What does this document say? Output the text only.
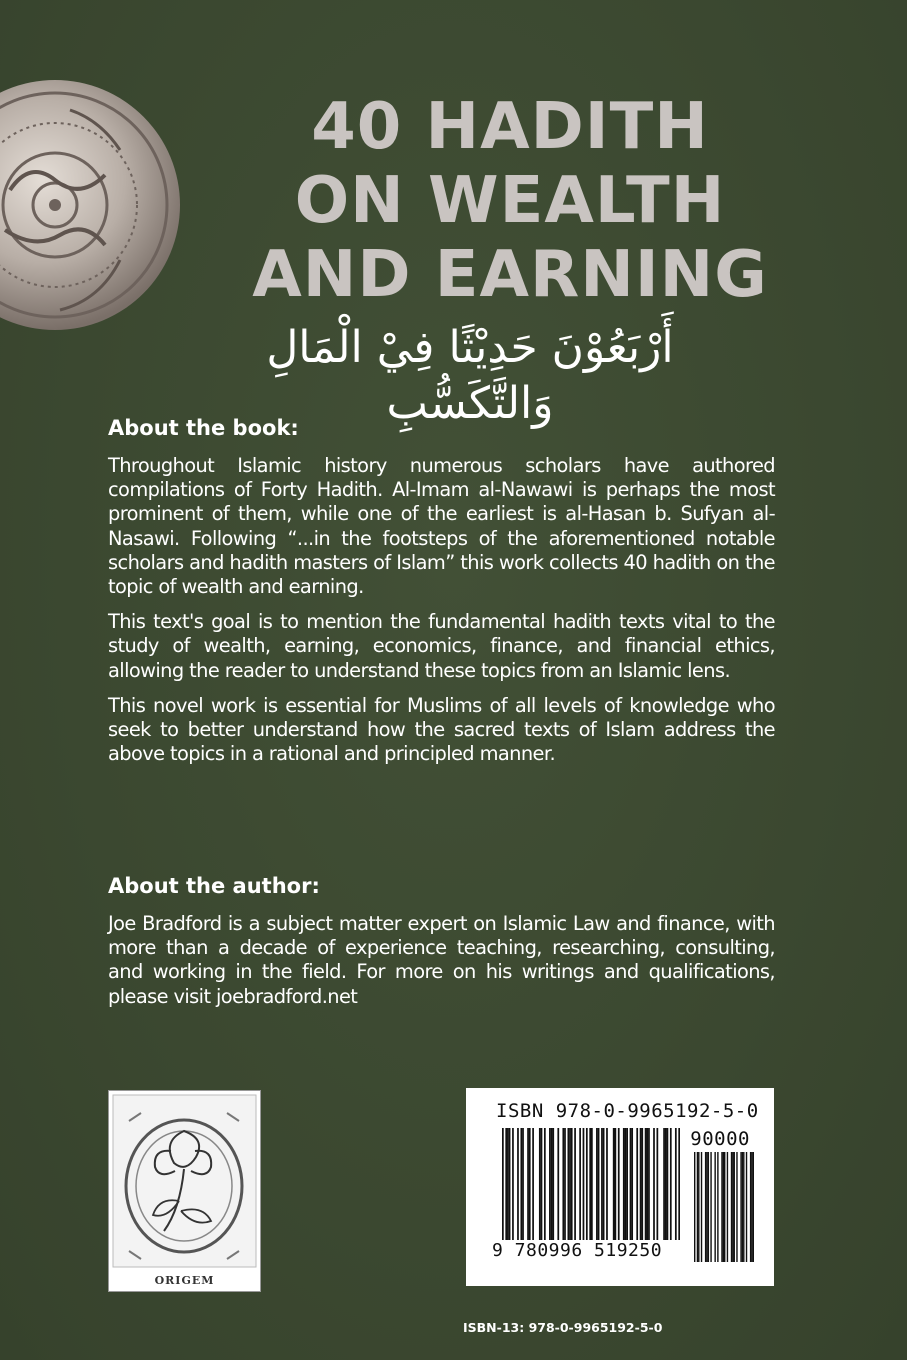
40 HADITH
ON WEALTH
AND EARNING
أَرْبَعُوْنَ حَدِيْثًا فِيْ الْمَالِ وَالتَّكَسُّبِ
About the book:

Throughout Islamic history numerous scholars have authored compilations of Forty Hadith. Al-Imam al-Nawawi is perhaps the most prominent of them, while one of the earliest is al-Hasan b. Sufyan al-Nasawi. Following “...in the footsteps of the aforementioned notable scholars and hadith masters of Islam” this work collects 40 hadith on the topic of wealth and earning.

This text's goal is to mention the fundamental hadith texts vital to the study of wealth, earning, economics, finance, and financial ethics, allowing the reader to understand these topics from an Islamic lens.

This novel work is essential for Muslims of all levels of knowledge who seek to better understand how the sacred texts of Islam address the above topics in a rational and principled manner.

About the author:

Joe Bradford is a subject matter expert on Islamic Law and finance, with more than a decade of experience teaching, researching, consulting, and working in the field. For more on his writings and qualifications, please visit joebradford.net

ORIGEM
ISBN 978-0-9965192-5-0
90000
9 780996 519250
ISBN-13: 978-0-9965192-5-0
